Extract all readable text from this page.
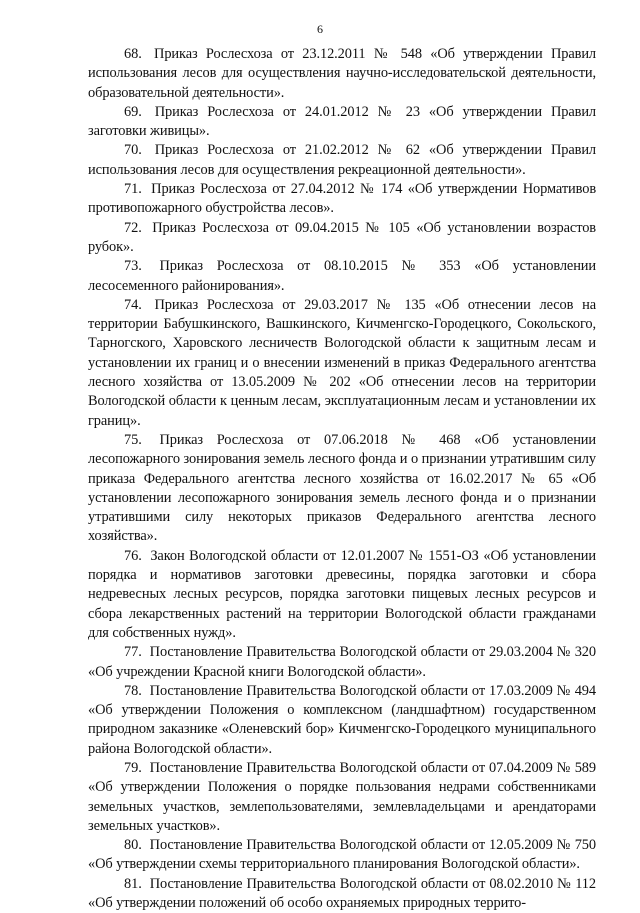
6

68. Приказ Рослесхоза от 23.12.2011 № 548 «Об утверждении Правил использования лесов для осуществления научно-исследовательской деятельности, образовательной деятельности».

69. Приказ Рослесхоза от 24.01.2012 № 23 «Об утверждении Правил заготовки живицы».

70. Приказ Рослесхоза от 21.02.2012 № 62 «Об утверждении Правил использования лесов для осуществления рекреационной деятельности».

71. Приказ Рослесхоза от 27.04.2012 № 174 «Об утверждении Нормативов противопожарного обустройства лесов».

72. Приказ Рослесхоза от 09.04.2015 № 105 «Об установлении возрастов рубок».

73. Приказ Рослесхоза от 08.10.2015 № 353 «Об установлении лесосеменного районирования».

74. Приказ Рослесхоза от 29.03.2017 № 135 «Об отнесении лесов на территории Бабушкинского, Вашкинского, Кичменгско-Городецкого, Сокольского, Тарногского, Харовского лесничеств Вологодской области к защитным лесам и установлении их границ и о внесении изменений в приказ Федерального агентства лесного хозяйства от 13.05.2009 № 202 «Об отнесении лесов на территории Вологодской области к ценным лесам, эксплуатационным лесам и установлении их границ».

75. Приказ Рослесхоза от 07.06.2018 № 468 «Об установлении лесопожарного зонирования земель лесного фонда и о признании утратившим силу приказа Федерального агентства лесного хозяйства от 16.02.2017 № 65 «Об установлении лесопожарного зонирования земель лесного фонда и о признании утратившими силу некоторых приказов Федерального агентства лесного хозяйства».

76. Закон Вологодской области от 12.01.2007 № 1551-ОЗ «Об установлении порядка и нормативов заготовки древесины, порядка заготовки и сбора недревесных лесных ресурсов, порядка заготовки пищевых лесных ресурсов и сбора лекарственных растений на территории Вологодской области гражданами для собственных нужд».

77. Постановление Правительства Вологодской области от 29.03.2004 № 320 «Об учреждении Красной книги Вологодской области».

78. Постановление Правительства Вологодской области от 17.03.2009 № 494 «Об утверждении Положения о комплексном (ландшафтном) государственном природном заказнике «Оленевский бор» Кичменгско-Городецкого муниципального района Вологодской области».

79. Постановление Правительства Вологодской области от 07.04.2009 № 589 «Об утверждении Положения о порядке пользования недрами собственниками земельных участков, землепользователями, землевладельцами и арендаторами земельных участков».

80. Постановление Правительства Вологодской области от 12.05.2009 № 750 «Об утверждении схемы территориального планирования Вологодской области».

81. Постановление Правительства Вологодской области от 08.02.2010 № 112 «Об утверждении положений об особо охраняемых природных террито-
